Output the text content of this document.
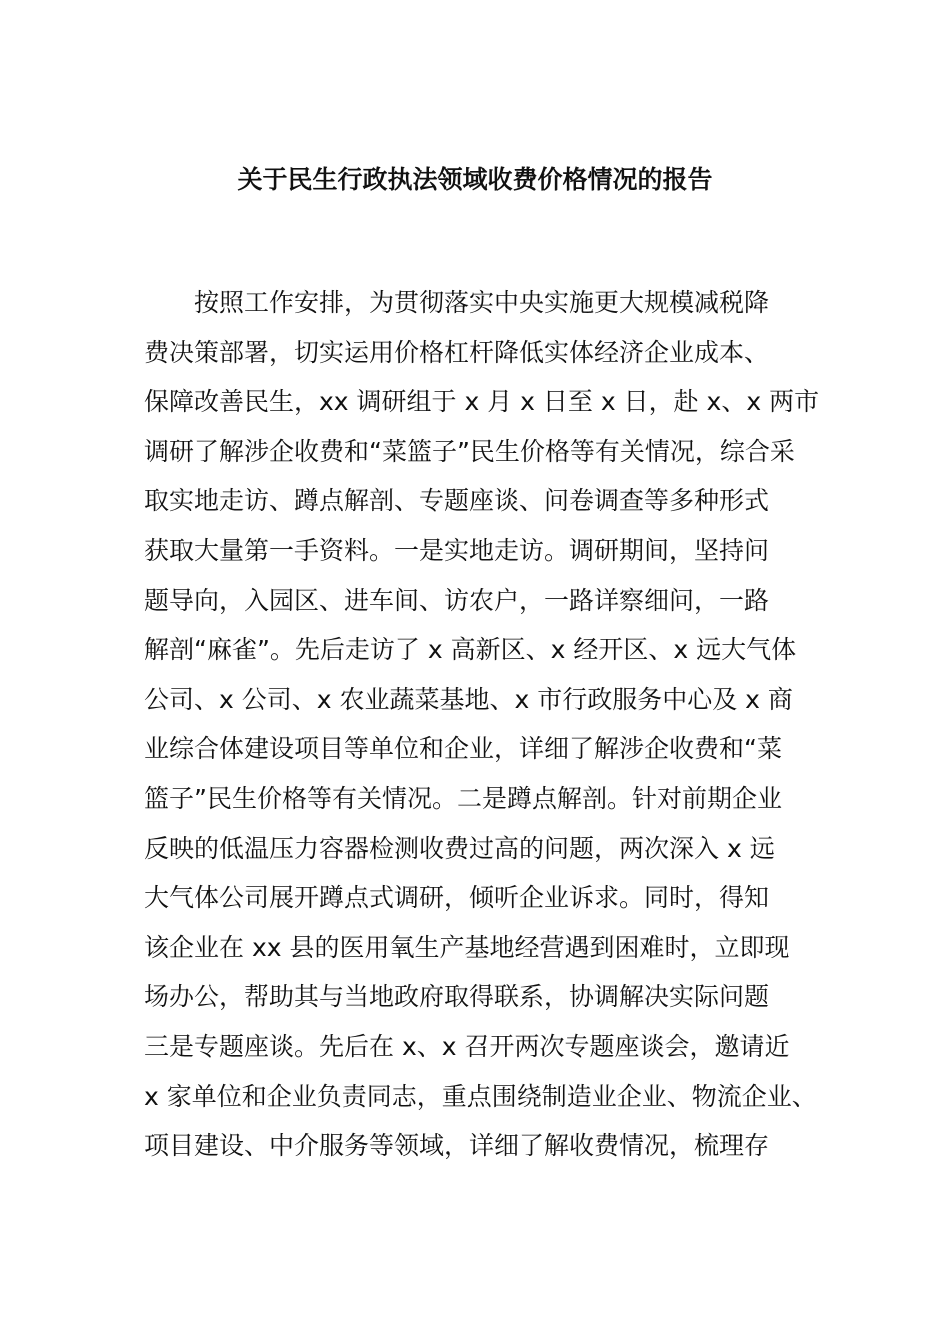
关于民生行政执法领域收费价格情况的报告
按照工作安排，为贯彻落实中央实施更大规模减税降
费决策部署，切实运用价格杠杆降低实体经济企业成本、
保障改善民生，xx 调研组于 x 月 x 日至 x 日，赴 x、x 两市
调研了解涉企收费和“菜篮子”民生价格等有关情况，综合采
取实地走访、蹲点解剖、专题座谈、问卷调查等多种形式
获取大量第一手资料。一是实地走访。调研期间，坚持问
题导向，入园区、进车间、访农户，一路详察细问，一路
解剖“麻雀”。先后走访了 x 高新区、x 经开区、x 远大气体
公司、x 公司、x 农业蔬菜基地、x 市行政服务中心及 x 商
业综合体建设项目等单位和企业，详细了解涉企收费和“菜
篮子”民生价格等有关情况。二是蹲点解剖。针对前期企业
反映的低温压力容器检测收费过高的问题，两次深入 x 远
大气体公司展开蹲点式调研，倾听企业诉求。同时，得知
该企业在 xx 县的医用氧生产基地经营遇到困难时，立即现
场办公，帮助其与当地政府取得联系，协调解决实际问题
三是专题座谈。先后在 x、x 召开两次专题座谈会，邀请近
x 家单位和企业负责同志，重点围绕制造业企业、物流企业、
项目建设、中介服务等领域，详细了解收费情况，梳理存
